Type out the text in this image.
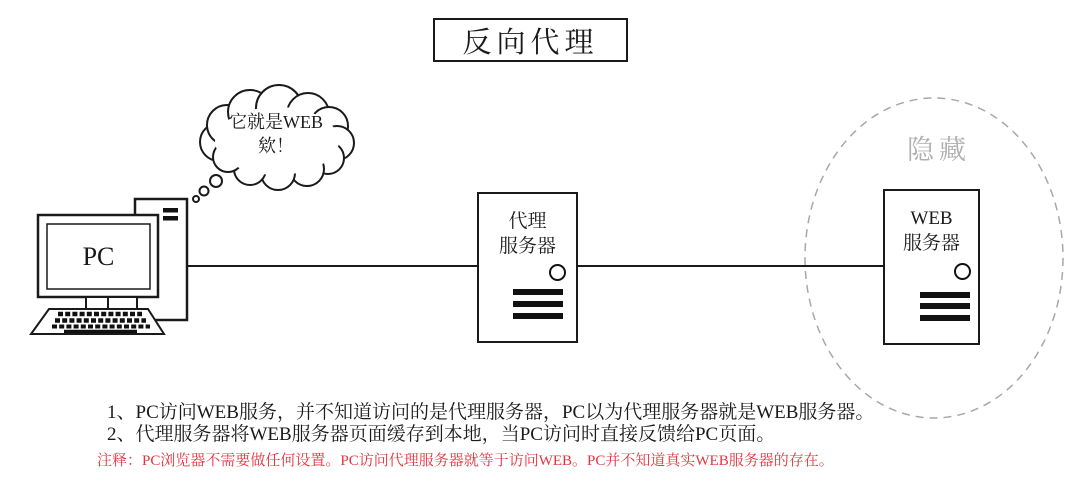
反向代理
它就是WEB
欸！
PC
代理
服务器
WEB
服务器
隐藏
1、PC访问WEB服务，并不知道访问的是代理服务器，PC以为代理服务器就是WEB服务器。
2、代理服务器将WEB服务器页面缓存到本地，当PC访问时直接反馈给PC页面。
注释：PC浏览器不需要做任何设置。PC访问代理服务器就等于访问WEB。PC并不知道真实WEB服务器的存在。
